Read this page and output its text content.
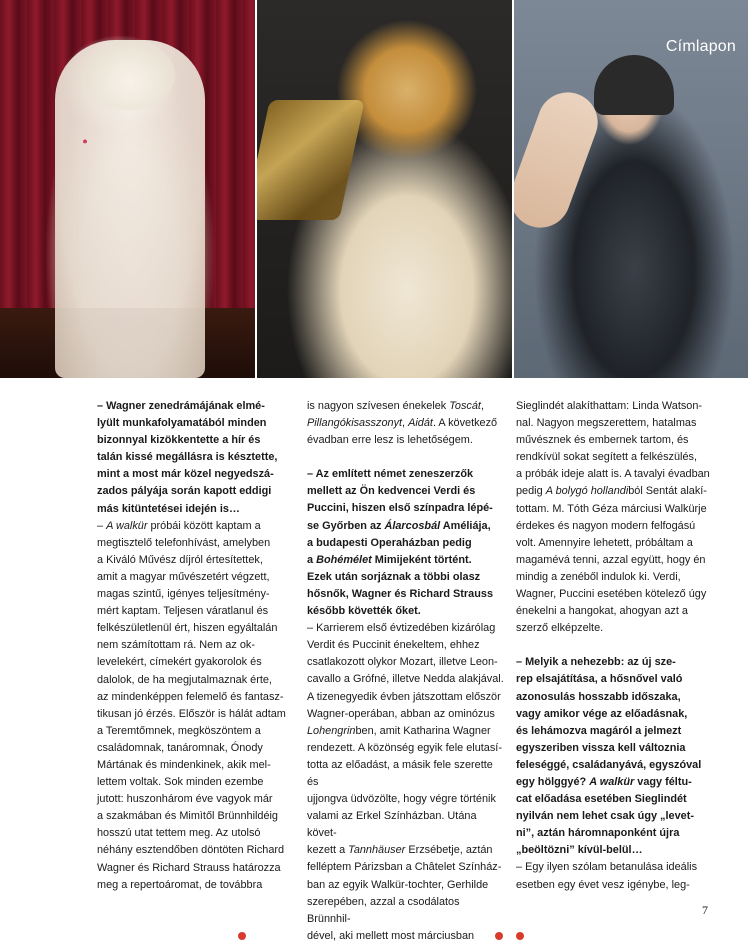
Címlapon
A WALKÜR | Fotó: Nagy Attila
LEAR | Fotó: Nagy Attila
AIDA | Fotó: Pályi Zsófia

– Wagner zenedrámájának elmé-
lyült munkafolyamatából minden
bizonnyal kizökkentette a hír és
talán kissé megállásra is késztette,
mint a most már közel negyedszá-
zados pályája során kapott eddigi
más kitüntetései idején is…

– A walkür próbái között kaptam a
megtisztelő telefonhívást, amelyben
a Kiváló Művész díjról értesítettek,
amit a magyar művészetért végzett,
magas szintű, igényes teljesítmény-
mért kaptam. Teljesen váratlanul és
felkészületlenül ért, hiszen egyáltalán
nem számítottam rá. Nem az ok-
levelekért, címekért gyakorolok és
dalolok, de ha megjutalmaznak érte,
az mindenképpen felemelő és fantasz-
tikusan jó érzés. Először is hálát adtam
a Teremtőmnek, megköszöntem a
családomnak, tanáromnak, Ónody
Mártának és mindenkinek, akik mel-
lettem voltak. Sok minden ezembe
jutott: huszonhárom éve vagyok már
a szakmában és Mimìtől Brünnhildéig
hosszú utat tettem meg. Az utolsó
néhány esztendőben döntöten Richard
Wagner és Richard Strauss határozza
meg a repertoáromat, de továbbra

is nagyon szívesen énekelek Toscát,
Pillangókisasszonyt, Aidát. A következő
évadban erre lesz is lehetőségem.

– Az említett német zeneszerzők
mellett az Ön kedvencei Verdi és
Puccini, hiszen első színpadra lépé-
se Győrben az Álarcosbál Améliája,
a budapesti Operaházban pedig
a Bohémélet Mimijeként történt.
Ezek után sorjáznak a többi olasz
hősnők, Wagner és Richard Strauss
később követték őket.

– Karrierem első évtizedében kizárólag
Verdit és Puccinit énekeltem, ehhez
csatlakozott olykor Mozart, illetve Leon-
cavallo a Grófné, illetve Nedda alakjával.
A tizenegyedik évben játszottam először
Wagner-operában, abban az ominózus
Lohengrinben, amit Katharina Wagner
rendezett. A közönség egyik fele elutasí-
totta az előadást, a másik fele szerette és
ujjongva üdvözölte, hogy végre történik
valami az Erkel Színházban. Utána követ-
kezett a Tannhäuser Erzsébetje, aztán
felléptem Párizsban a Châtelet Színház-
ban az egyik Walkür-tochter, Gerhilde
szerepében, azzal a csodálatos Brünnhil-
dével, aki mellett most márciusban

Sieglindét alakíthattam: Linda Watson-
nal. Nagyon megszerettem, hatalmas
művésznek és embernek tartom, és
rendkívül sokat segített a felkészülés,
a próbák ideje alatt is. A tavalyi évadban
pedig A bolygó hollandiból Sentát alakí-
tottam. M. Tóth Géza márciusi Walkürje
érdekes és nagyon modern felfogású
volt. Amennyire lehetett, próbáltam a
magamévá tenni, azzal együtt, hogy én
mindig a zenéből indulok ki. Verdi,
Wagner, Puccini esetében kötelező úgy
énekelni a hangokat, ahogyan azt a
szerző elképzelte.

– Melyik a nehezebb: az új sze-
rep elsajátítása, a hősnővel való
azonosulás hosszabb időszaka,
vagy amikor vége az előadásnak,
és lehámozva magáról a jelmezt
egyszeriben vissza kell változnia
feleséggé, családanyává, egyszóval
egy hölggyé? A walkür vagy féltu-
cat előadása esetében Sieglindét
nyilván nem lehet csak úgy „levet-
ni”, aztán háromnaponként újra
„beöltözni” kívül-belül…

– Egy ilyen szólam betanulása ideális
esetben egy évet vesz igénybe, leg-

7
